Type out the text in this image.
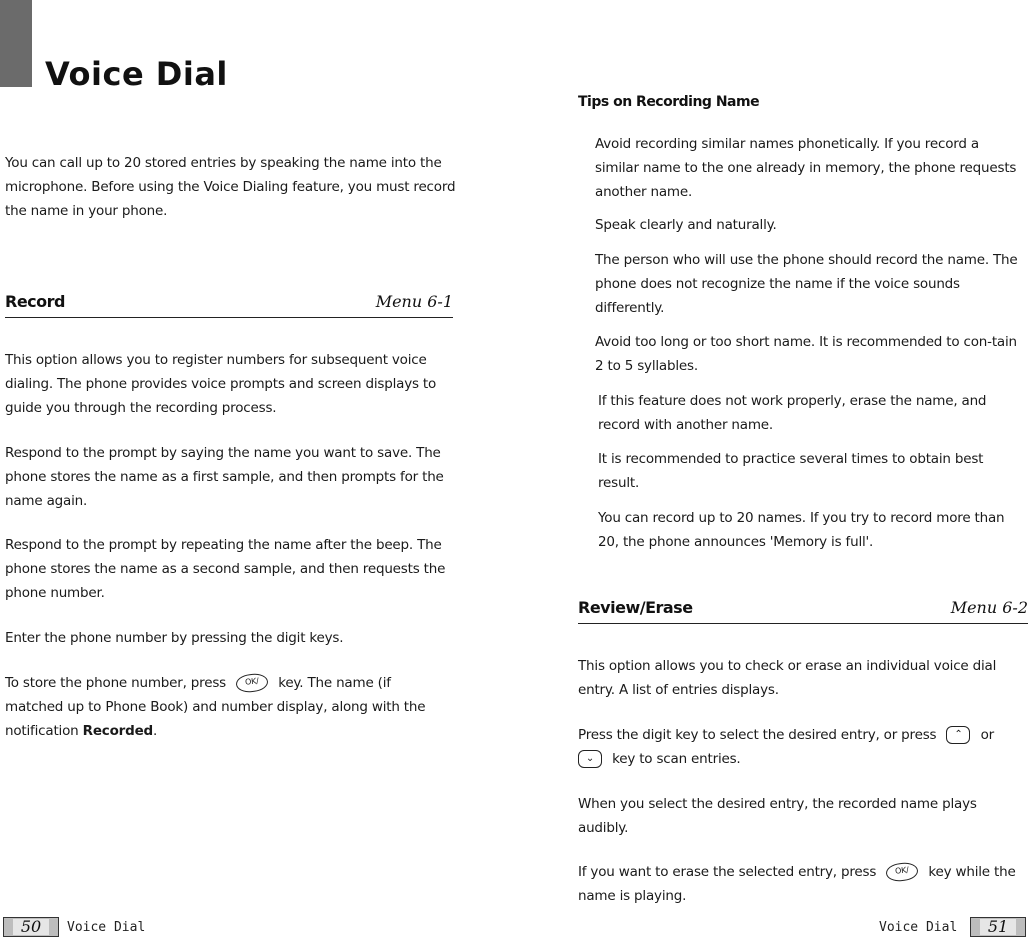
Voice Dial

You can call up to 20 stored entries by speaking the name into the microphone. Before using the Voice Dialing feature, you must record the name in your phone.

Record	Menu 6-1

This option allows you to register numbers for subsequent voice dialing. The phone provides voice prompts and screen displays to guide you through the recording process.

Respond to the prompt by saying the name you want to save. The phone stores the name as a first sample, and then prompts for the name again.

Respond to the prompt by repeating the name after the beep. The phone stores the name as a second sample, and then requests the phone number.

Enter the phone number by pressing the digit keys.

To store the phone number, press OK/ key. The name (if matched up to Phone Book) and number display, along with the notification Recorded.

50	Voice Dial
Tips on Recording Name

Avoid recording similar names phonetically. If you record a similar name to the one already in memory, the phone requests another name.

Speak clearly and naturally.

The person who will use the phone should record the name. The phone does not recognize the name if the voice sounds differently.

Avoid too long or too short name. It is recommended to con-tain 2 to 5 syllables.

If this feature does not work properly, erase the name, and record with another name.

It is recommended to practice several times to obtain best result.

You can record up to 20 names. If you try to record more than 20, the phone announces 'Memory is full'.

Review/Erase	Menu 6-2

This option allows you to check or erase an individual voice dial entry. A list of entries displays.

Press the digit key to select the desired entry, or press ⌃ or
⌄ key to scan entries.

When you select the desired entry, the recorded name plays audibly.

If you want to erase the selected entry, press OK/ key while the name is playing.

Voice Dial	51
